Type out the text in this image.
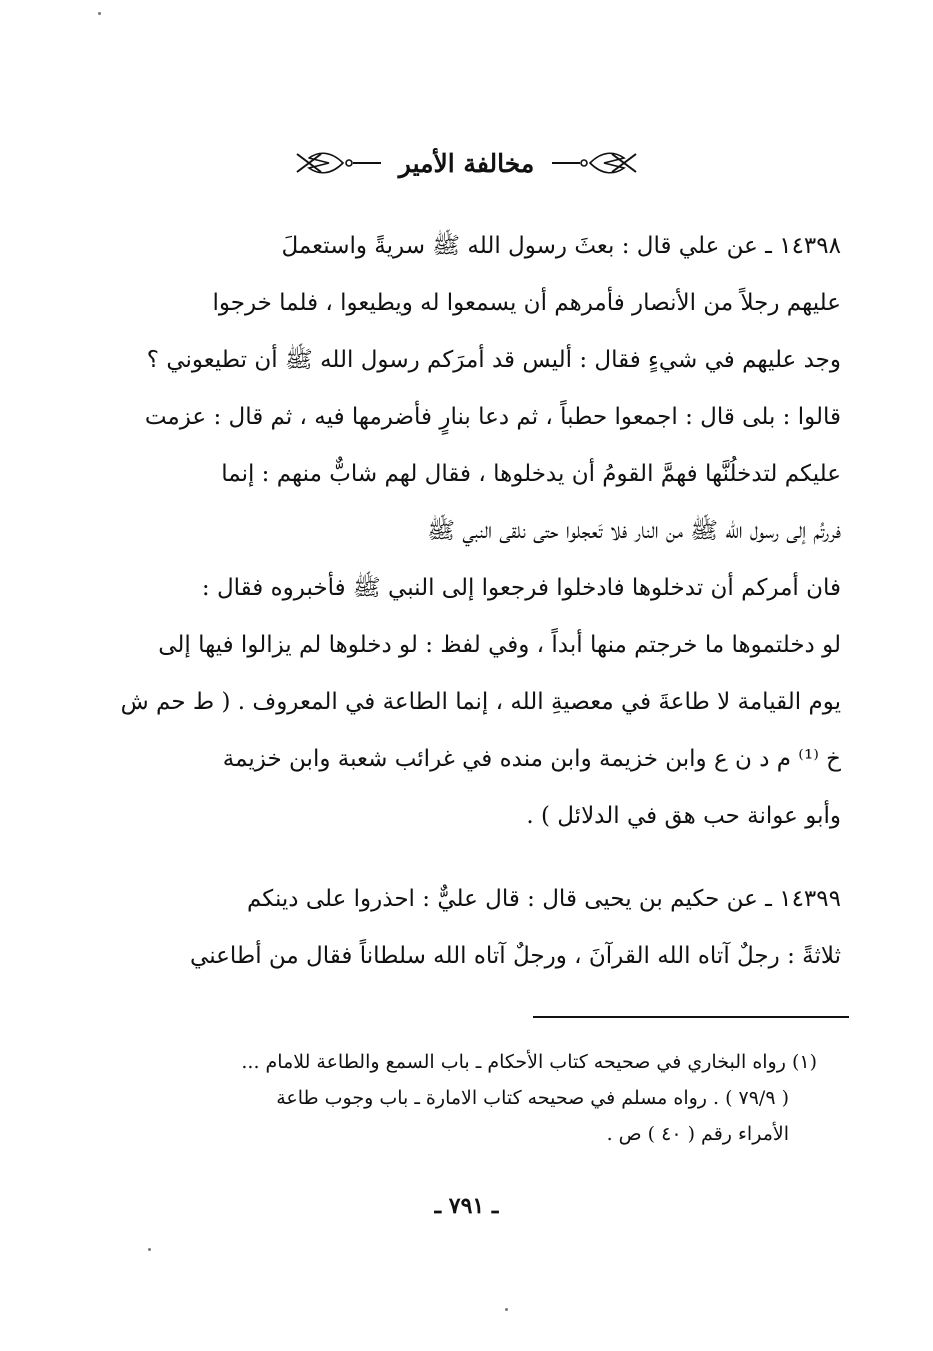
مخالفة الأمير
١٤٣٩٨ ـ عن علي قال : بعثَ رسول الله ﷺ سريةً واستعملَ
عليهم رجلاً من الأنصار فأمرهم أن يسمعوا له ويطيعوا ، فلما خرجوا
وجد عليهم في شيءٍ فقال : أليس قد أمرَكم رسول الله ﷺ أن تطيعوني ؟
قالوا : بلى قال : اجمعوا حطباً ، ثم دعا بنارٍ فأضرمها فيه ، ثم قال : عزمت
عليكم لتدخلُنَّها فهمَّ القومُ أن يدخلوها ، فقال لهم شابٌّ منهم : إنما
فررتُم إلى رسول الله ﷺ من النار فلا تَعجلوا حتى نلقى النبي ﷺ
فان أمركم أن تدخلوها فادخلوا فرجعوا إلى النبي ﷺ فأخبروه فقال :
لو دخلتموها ما خرجتم منها أبداً ، وفي لفظ : لو دخلوها لم يزالوا فيها إلى
يوم القيامة لا طاعةَ في معصيةِ الله ، إنما الطاعة في المعروف . ( ط حم ش
خ ⁽¹⁾ م د ن ع وابن خزيمة وابن منده في غرائب شعبة وابن خزيمة
وأبو عوانة حب هق في الدلائل ) .
١٤٣٩٩ ـ عن حكيم بن يحيى قال : قال عليٌّ : احذروا على دينكم
ثلاثةً : رجلٌ آتاه الله القرآنَ ، ورجلٌ آتاه الله سلطاناً فقال من أطاعني
(١) رواه البخاري في صحيحه كتاب الأحكام ـ باب السمع والطاعة للامام ...
( ٧٩/٩ ) . رواه مسلم في صحيحه كتاب الامارة ـ باب وجوب طاعة
الأمراء رقم ( ٤٠ ) ص .
ـ ٧٩١ ـ
